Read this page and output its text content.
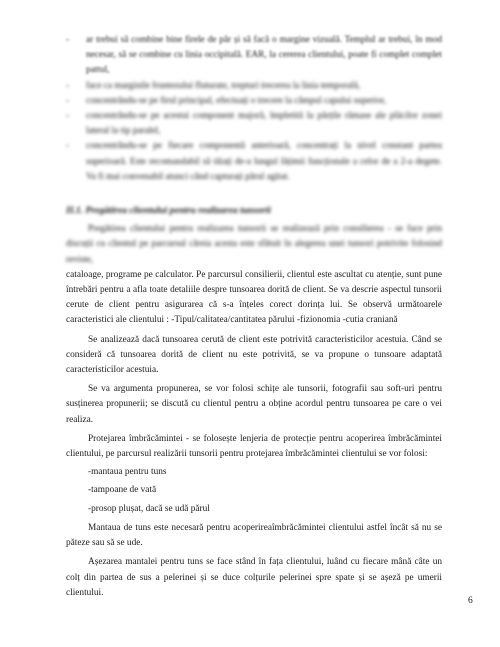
- ar trebui să combine bine firele de păr și să facă o margine vizuală. Templul ar trebui, în mod necesar, să se combine cu linia occipitală. EAR, la cererea clientului, poate fi complet complet pattul,
- face ca marginile fruntezului fluturate, trepturi trecerea la linia temporală,
- concentrându-se pe firul principal, efectuați o trecere la câmpul capului superior,
- concentrându-se pe acestui component majoră, împletită la părțile rămase ale plăcilor zonei lateral la tip paralel,
- concentrându-se pe fiecare componentă anterioară, concentrați la nivel constant partea superioară. Este recomandabil să tăiați de-a lungul lățimii funcționale a celor de a 2-a degete. Va fi mai convenabil atunci când capturați părul agitat.
II.1. Pregătirea clientului pentru realizarea tunsorii

Pregătirea clientului pentru realizarea tunsorii se realizează prin consilierea - se face prin discuții cu clientul pe parcursul căreia acesta este sfătuit în alegerea unei tunsori potrivite folosind reviste,

cataloage, programe pe calculator. Pe parcursul consilierii, clientul este ascultat cu atenție, sunt pune întrebări pentru a afla toate detaliile despre tunsoarea dorită de client. Se va descrie aspectul tunsorii cerute de client pentru asigurarea că s-a înțeles corect dorința lui. Se observă următoarele caracteristici ale clientului : -Tipul/calitatea/cantitatea părului -fizionomia -cutia craniană

Se analizează dacă tunsoarea cerută de client este potrivită caracteristicilor acestuia. Când se consideră că tunsoarea dorită de client nu este potrivită, se va propune o tunsoare adaptată caracteristicilor acestuia.

Se va argumenta propunerea, se vor folosi schițe ale tunsorii, fotografii sau soft-uri pentru susținerea propunerii; se discută cu clientul pentru a obține acordul pentru tunsoarea pe care o vei realiza.

Protejarea îmbrăcămintei - se folosește lenjeria de protecție pentru acoperirea îmbrăcămintei clientului, pe parcursul realizării tunsorii pentru protejarea îmbrăcămintei clientului se vor folosi:

-mantaua pentru tuns
-tampoane de vată
-prosop plușat, dacă se udă părul

Mantaua de tuns este necesară pentru acoperireaîmbrăcămintei clientului astfel încât să nu se păteze sau să se ude.

Așezarea mantalei pentru tuns se face stând în fața clientului, luând cu fiecare mână câte un colț din partea de sus a pelerinei și se duce colțurile pelerinei spre spate și se așeză pe umerii clientului.

6
